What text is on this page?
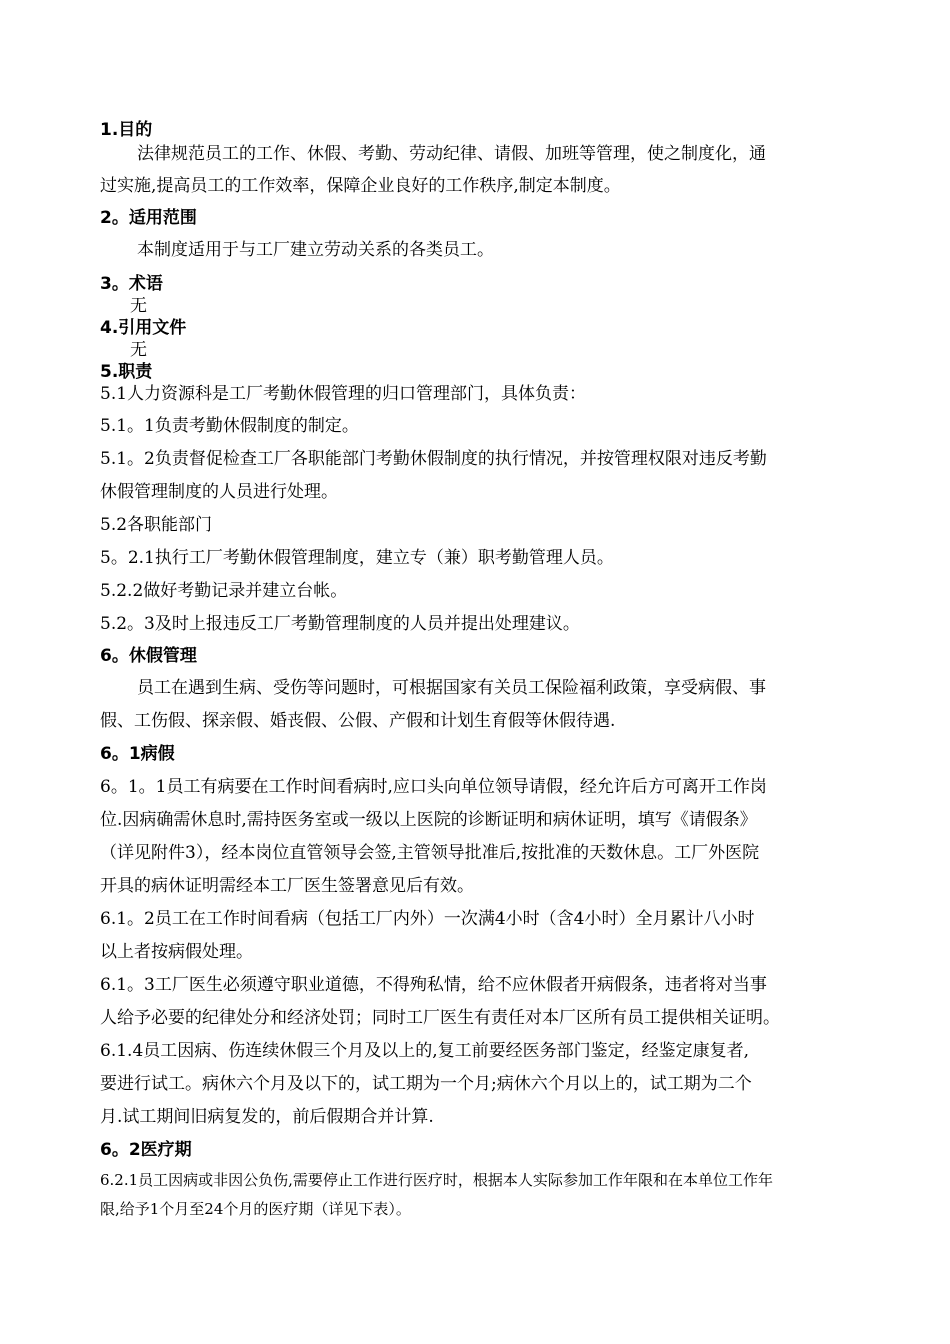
1.目的
法律规范员工的工作、休假、考勤、劳动纪律、请假、加班等管理，使之制度化，通
过实施,提高员工的工作效率，保障企业良好的工作秩序,制定本制度。
2。适用范围
本制度适用于与工厂建立劳动关系的各类员工。
3。术语
无
4.引用文件
无
5.职责
5.1人力资源科是工厂考勤休假管理的归口管理部门，具体负责：
5.1。1负责考勤休假制度的制定。
5.1。2负责督促检查工厂各职能部门考勤休假制度的执行情况，并按管理权限对违反考勤
休假管理制度的人员进行处理。
5.2各职能部门
5。2.1执行工厂考勤休假管理制度，建立专（兼）职考勤管理人员。
5.2.2做好考勤记录并建立台帐。
5.2。3及时上报违反工厂考勤管理制度的人员并提出处理建议。
6。休假管理
员工在遇到生病、受伤等问题时，可根据国家有关员工保险福利政策，享受病假、事
假、工伤假、探亲假、婚丧假、公假、产假和计划生育假等休假待遇.
6。1病假
6。1。1员工有病要在工作时间看病时,应口头向单位领导请假，经允许后方可离开工作岗
位.因病确需休息时,需持医务室或一级以上医院的诊断证明和病休证明，填写《请假条》
（详见附件3），经本岗位直管领导会签,主管领导批准后,按批准的天数休息。工厂外医院
开具的病休证明需经本工厂医生签署意见后有效。
6.1。2员工在工作时间看病（包括工厂内外）一次满4小时（含4小时）全月累计八小时
以上者按病假处理。
6.1。3工厂医生必须遵守职业道德，不得殉私情，给不应休假者开病假条，违者将对当事
人给予必要的纪律处分和经济处罚；同时工厂医生有责任对本厂区所有员工提供相关证明。
6.1.4员工因病、伤连续休假三个月及以上的,复工前要经医务部门鉴定，经鉴定康复者,
要进行试工。病休六个月及以下的，试工期为一个月;病休六个月以上的，试工期为二个
月.试工期间旧病复发的，前后假期合并计算.
6。2医疗期
6.2.1员工因病或非因公负伤,需要停止工作进行医疗时，根据本人实际参加工作年限和在本单位工作年
限,给予1个月至24个月的医疗期（详见下表）。
